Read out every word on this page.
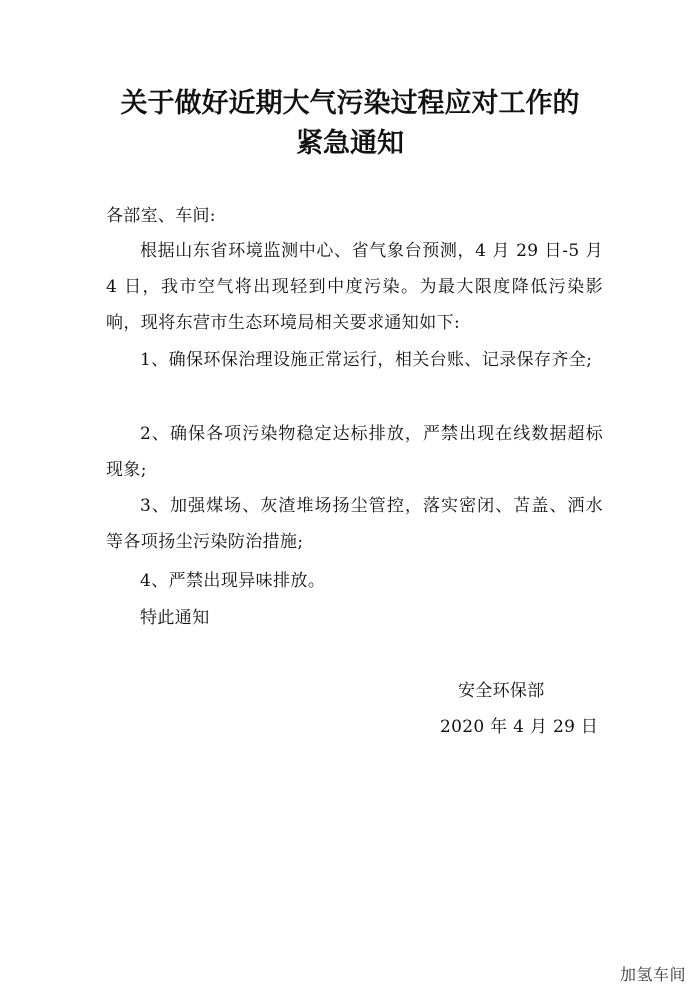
关于做好近期大气污染过程应对工作的
紧急通知
各部室、车间:

根据山东省环境监测中心、省气象台预测，4 月 29 日-5 月 4 日，我市空气将出现轻到中度污染。为最大限度降低污染影响，现将东营市生态环境局相关要求通知如下:

1、确保环保治理设施正常运行，相关台账、记录保存齐全;

2、确保各项污染物稳定达标排放，严禁出现在线数据超标现象;

3、加强煤场、灰渣堆场扬尘管控，落实密闭、苫盖、洒水等各项扬尘污染防治措施;

4、严禁出现异味排放。

特此通知

安全环保部
2020 年 4 月 29 日
加氢车间
